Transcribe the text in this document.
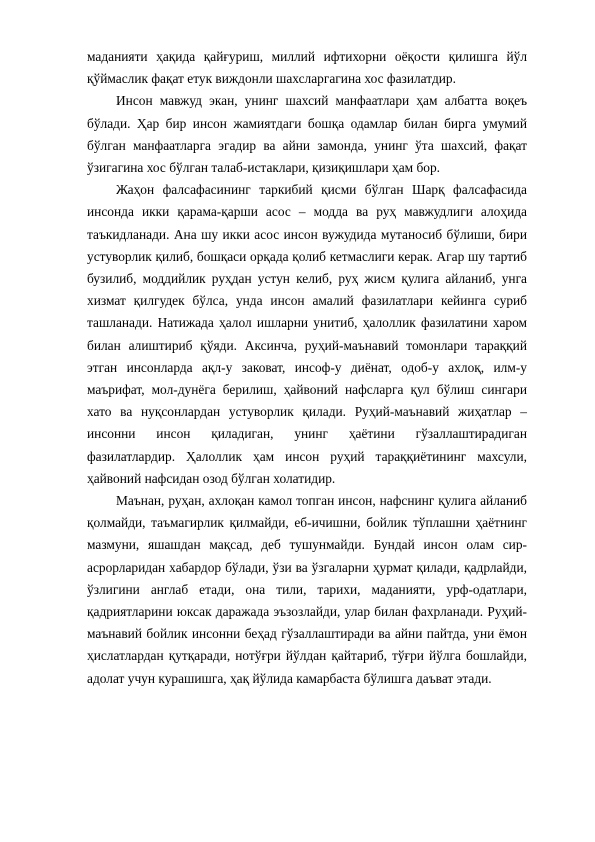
маданияти ҳақида қайғуриш, миллий ифтихорни оёқости қилишга йўл қўймаслик фақат етук виждонли шахсларгагина хос фазилатдир.

Инсон мавжуд экан, унинг шахсий манфаатлари ҳам албатта воқеъ бўлади. Ҳар бир инсон жамиятдаги бошқа одамлар билан бирга умумий бўлган манфаатларга эгадир ва айни замонда, унинг ўта шахсий, фақат ўзигагина хос бўлган талаб-истаклари, қизиқишлари ҳам бор.

Жаҳон фалсафасининг таркибий қисми бўлган Шарқ фалсафасида инсонда икки қарама-қарши асос – модда ва руҳ мавжудлиги алоҳида таъкидланади. Ана шу икки асос инсон вужудида мутаносиб бўлиши, бири устуворлик қилиб, бошқаси орқада қолиб кетмаслиги керак. Агар шу тартиб бузилиб, моддийлик руҳдан устун келиб, руҳ жисм қулига айланиб, унга хизмат қилгудек бўлса, унда инсон амалий фазилатлари кейинга суриб ташланади. Натижада ҳалол ишларни унитиб, ҳалоллик фазилатини харом билан алиштириб қўяди. Аксинча, руҳий-маънавий томонлари тараққий этган инсонларда ақл-у заковат, инсоф-у диёнат, одоб-у ахлоқ, илм-у маърифат, мол-дунёга берилиш, ҳайвоний нафсларга қул бўлиш сингари хато ва нуқсонлардан устуворлик қилади. Руҳий-маънавий жиҳатлар – инсонни инсон қиладиган, унинг ҳаётини гўзаллаштирадиган фазилатлардир. Ҳалоллик ҳам инсон руҳий тараққиётининг махсули, ҳайвоний нафсидан озод бўлган холатидир.

Маънан, руҳан, ахлоқан камол топган инсон, нафснинг қулига айланиб қолмайди, таъмагирлик қилмайди, еб-ичишни, бойлик тўплашни ҳаётнинг мазмуни, яшашдан мақсад, деб тушунмайди. Бундай инсон олам сир-асрорларидан хабардор бўлади, ўзи ва ўзгаларни ҳурмат қилади, қадрлайди, ўзлигини англаб етади, она тили, тарихи, маданияти, урф-одатлари, қадриятларини юксак даражада эъзозлайди, улар билан фахрланади. Руҳий-маънавий бойлик инсонни беҳад гўзаллаштиради ва айни пайтда, уни ёмон ҳислатлардан қутқаради, нотўғри йўлдан қайтариб, тўғри йўлга бошлайди, адолат учун курашишга, ҳақ йўлида камарбаста бўлишга даъват этади.
